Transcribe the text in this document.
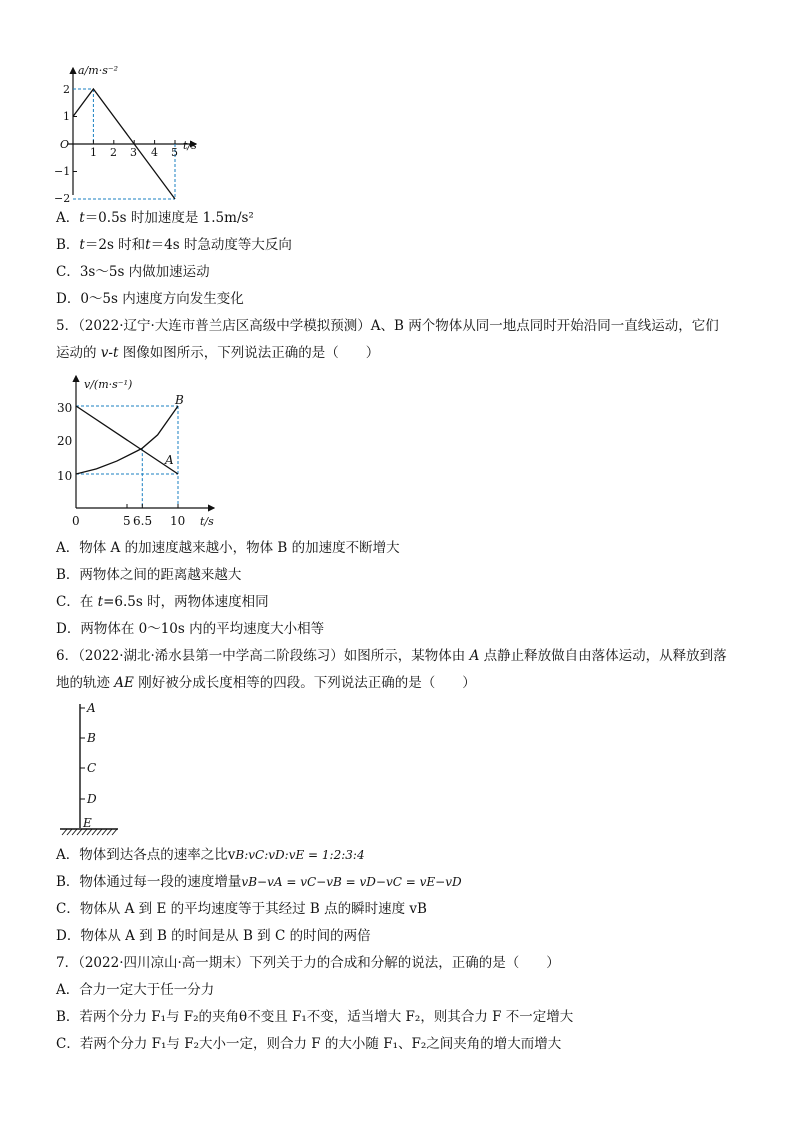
a/m·s⁻²
t/s
O
1 2 3 4 5
2
1
−1
−2
A．t＝0.5s 时加速度是 1.5m/s²
B．t＝2s 时和t＝4s 时急动度等大反向
C．3s～5s 内做加速运动
D．0～5s 内速度方向发生变化
5．（2022·辽宁·大连市普兰店区高级中学模拟预测）A、B 两个物体从同一地点同时开始沿同一直线运动，它们
运动的 v-t 图像如图所示，下列说法正确的是（　　）
v/(m·s⁻¹)
t/s
0
30
20
10
5 6.5 10
A
B
A．物体 A 的加速度越来越小，物体 B 的加速度不断增大
B．两物体之间的距离越来越大
C．在 t=6.5s 时，两物体速度相同
D．两物体在 0～10s 内的平均速度大小相等
6．（2022·湖北·浠水县第一中学高二阶段练习）如图所示，某物体由 A 点静止释放做自由落体运动，从释放到落
地的轨迹 AE 刚好被分成长度相等的四段。下列说法正确的是（　　）
A
B
C
D
E
A．物体到达各点的速率之比vB:vC:vD:vE = 1:2:3:4
B．物体通过每一段的速度增量vB−vA = vC−vB = vD−vC = vE−vD
C．物体从 A 到 E 的平均速度等于其经过 B 点的瞬时速度 vB
D．物体从 A 到 B 的时间是从 B 到 C 的时间的两倍
7．（2022·四川凉山·高一期末）下列关于力的合成和分解的说法，正确的是（　　）
A．合力一定大于任一分力
B．若两个分力 F₁与 F₂的夹角θ不变且 F₁不变，适当增大 F₂，则其合力 F 不一定增大
C．若两个分力 F₁与 F₂大小一定，则合力 F 的大小随 F₁、F₂之间夹角的增大而增大
